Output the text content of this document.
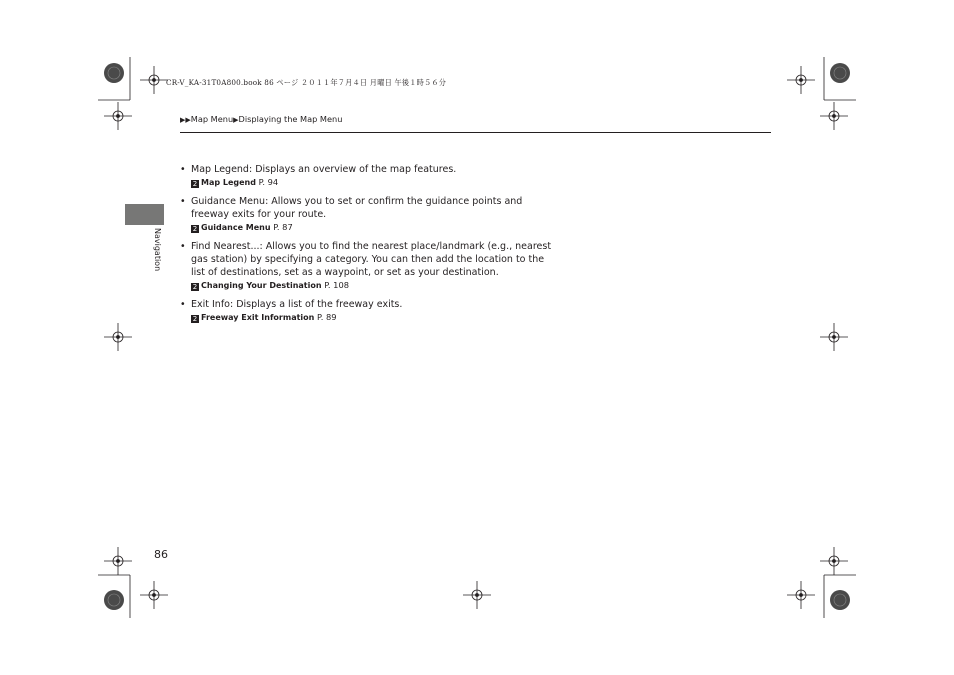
CR-V_KA-31T0A800.book 86 ページ ２０１１年７月４日 月曜日 午後１時５６分
▶▶Map Menu▶Displaying the Map Menu
Navigation
• Map Legend: Displays an overview of the map features.
2 Map Legend P. 94
• Guidance Menu: Allows you to set or confirm the guidance points and freeway exits for your route.
2 Guidance Menu P. 87
• Find Nearest...: Allows you to find the nearest place/landmark (e.g., nearest gas station) by specifying a category. You can then add the location to the list of destinations, set as a waypoint, or set as your destination.
2 Changing Your Destination P. 108
• Exit Info: Displays a list of the freeway exits.
2 Freeway Exit Information P. 89
86
